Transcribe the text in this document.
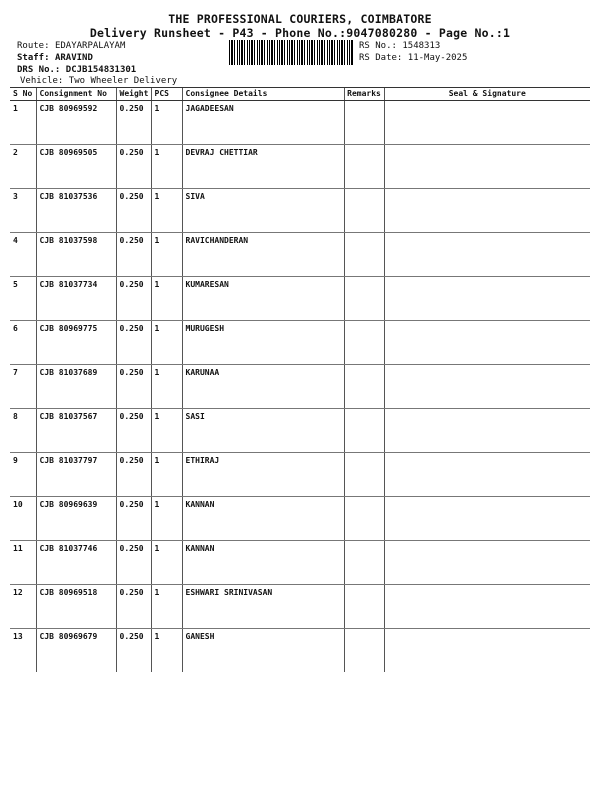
THE PROFESSIONAL COURIERS, COIMBATORE
Delivery Runsheet - P43 - Phone No.:9047080280 - Page No.:1
Route: EDAYARPALAYAM
Staff: ARAVIND
DRS No.: DCJB154831301
Vehicle: Two Wheeler Delivery
RS No.: 1548313
RS Date: 11-May-2025
S No	Consignment No	Weight	PCS	Consignee Details	Remarks	Seal & Signature
1	CJB 80969592	0.250	1	JAGADEESAN		
2	CJB 80969505	0.250	1	DEVRAJ CHETTIAR		
3	CJB 81037536	0.250	1	SIVA		
4	CJB 81037598	0.250	1	RAVICHANDERAN		
5	CJB 81037734	0.250	1	KUMARESAN		
6	CJB 80969775	0.250	1	MURUGESH		
7	CJB 81037689	0.250	1	KARUNAA		
8	CJB 81037567	0.250	1	SASI		
9	CJB 81037797	0.250	1	ETHIRAJ		
10	CJB 80969639	0.250	1	KANNAN		
11	CJB 81037746	0.250	1	KANNAN		
12	CJB 80969518	0.250	1	ESHWARI SRINIVASAN		
13	CJB 80969679	0.250	1	GANESH		
